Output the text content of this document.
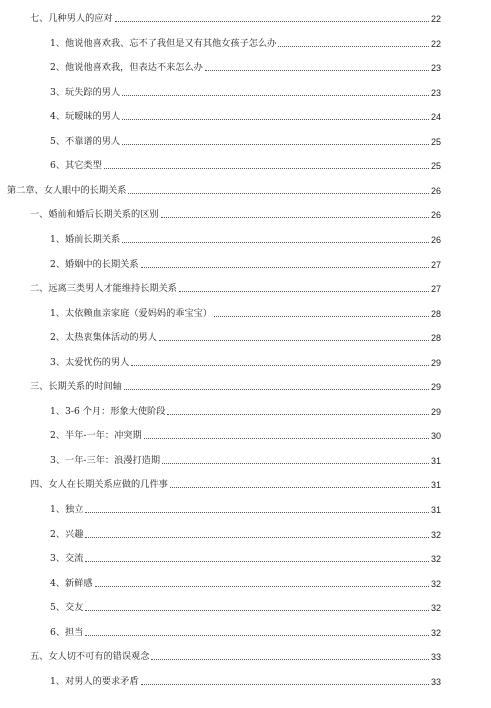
七、几种男人的应对	22
1、他说他喜欢我、忘不了我但是又有其他女孩子怎么办	22
2、他说他喜欢我，但表达不来怎么办	23
3、玩失踪的男人	23
4、玩暧昧的男人	24
5、不靠谱的男人	25
6、其它类型	25
第二章、女人眼中的长期关系	26
一、婚前和婚后长期关系的区别	26
1、婚前长期关系	26
2、婚姻中的长期关系	27
二、远离三类男人才能维持长期关系	27
1、太依赖血亲家庭（爱妈妈的乖宝宝）	28
2、太热衷集体活动的男人	28
3、太爱忧伤的男人	29
三、长期关系的时间轴	29
1、3-6 个月：形象大使阶段	29
2、半年-一年：冲突期	30
3、一年-三年：浪漫打造期	31
四、女人在长期关系应做的几件事	31
1、独立	31
2、兴趣	32
3、交流	32
4、新鲜感	32
5、交友	32
6、担当	32
五、女人切不可有的错误观念	33
1、对男人的要求矛盾	33
